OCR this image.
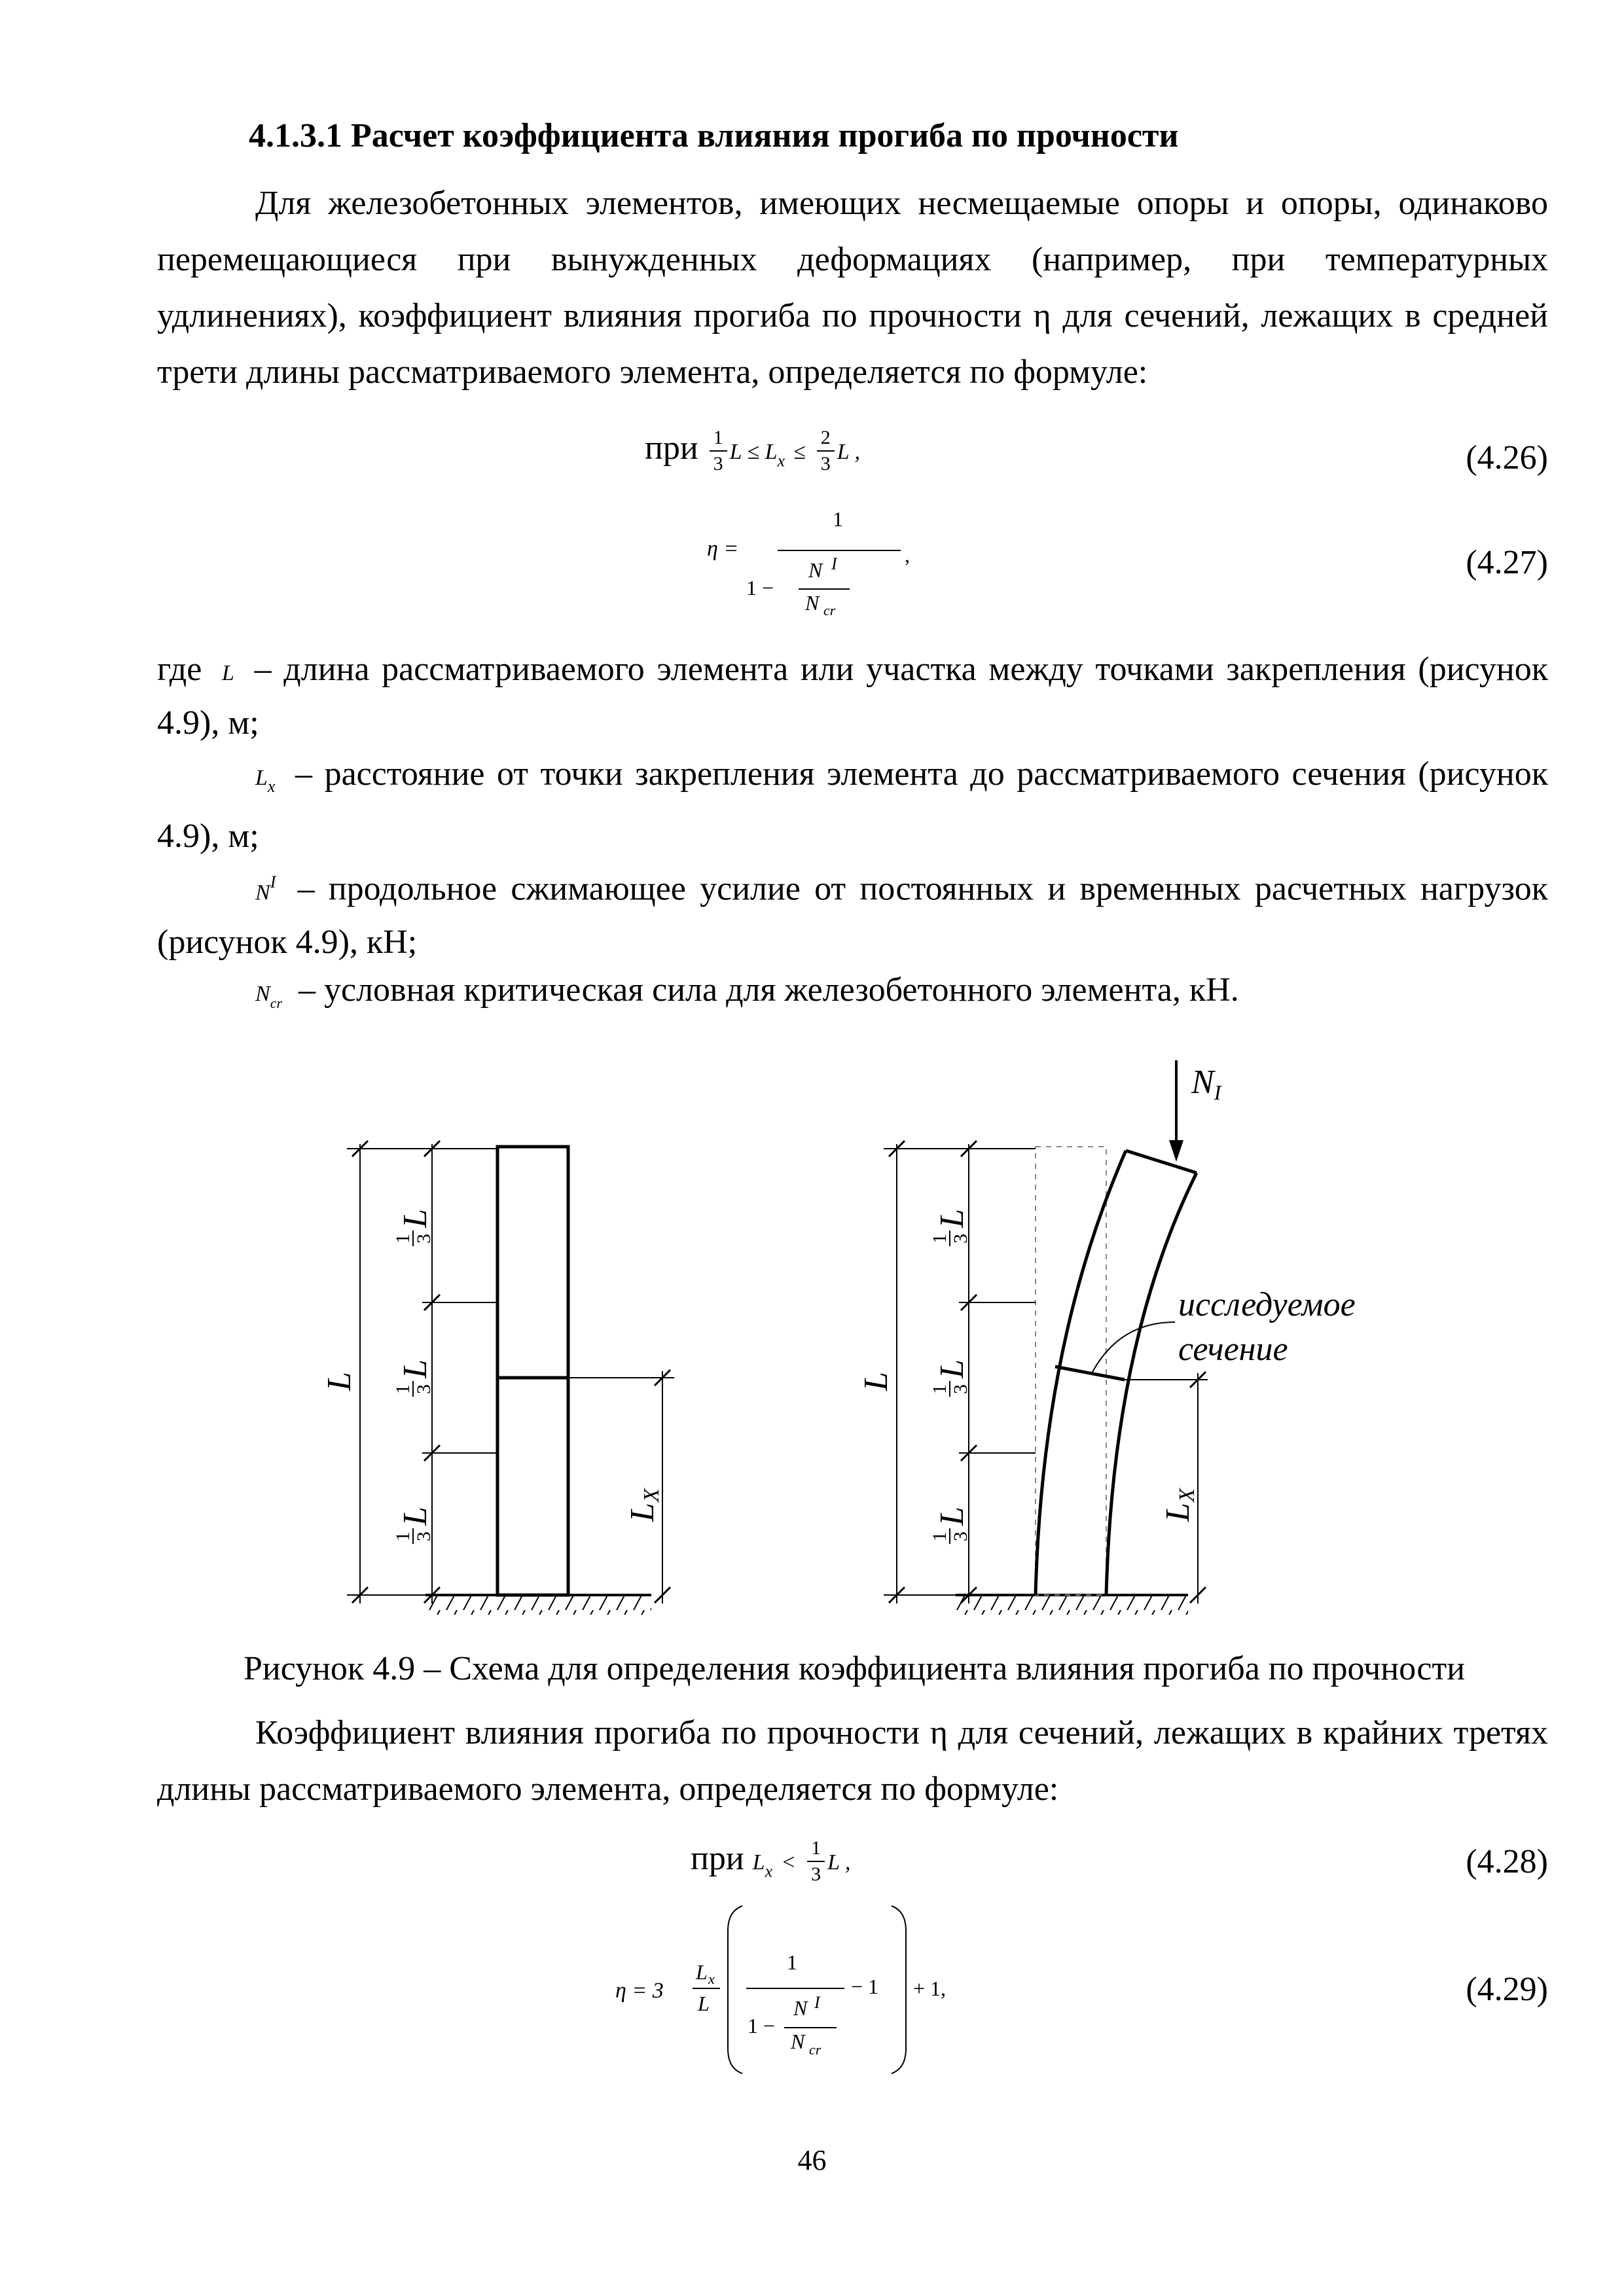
4.1.3.1 Расчет коэффициента влияния прогиба по прочности
Для железобетонных элементов, имеющих несмещаемые опоры и опоры, одинаково перемещающиеся при вынужденных деформациях (например, при температурных удлинениях), коэффициент влияния прогиба по прочности η для сечений, лежащих в средней трети длины рассматриваемого элемента, определяется по формуле:
при $\frac{1}{3}$ $L \le L_x \le \frac{2}{3}$ L ,	(4.26)
η =
1
,
1 −
N I
N cr
(4.27)
где L – длина рассматриваемого элемента или участка между точками закрепления (рисунок 4.9), м;
$L_x$ – расстояние от точки закрепления элемента до рассматриваемого сечения (рисунок 4.9), м;
$N^I$ – продольное сжимающее усилие от постоянных и временных расчетных нагрузок (рисунок 4.9), кН;
$N_{cr}$ – условная критическая сила для железобетонного элемента, кН.
L
1 3
L
1 3
L
1 3
L	L
X
NI
L
1 3
L
1 3
L
1 3
L	L
X
исследуемое
сечение
Рисунок 4.9 – Схема для определения коэффициента влияния прогиба по прочности
Коэффициент влияния прогиба по прочности η для сечений, лежащих в крайних третях длины рассматриваемого элемента, определяется по формуле:
при $L_x < \frac{1}{3}$ L ,	(4.28)
η = 3
L x
L
1
− 1
1 −
N I
N cr
+ 1,	(4.29)
46
